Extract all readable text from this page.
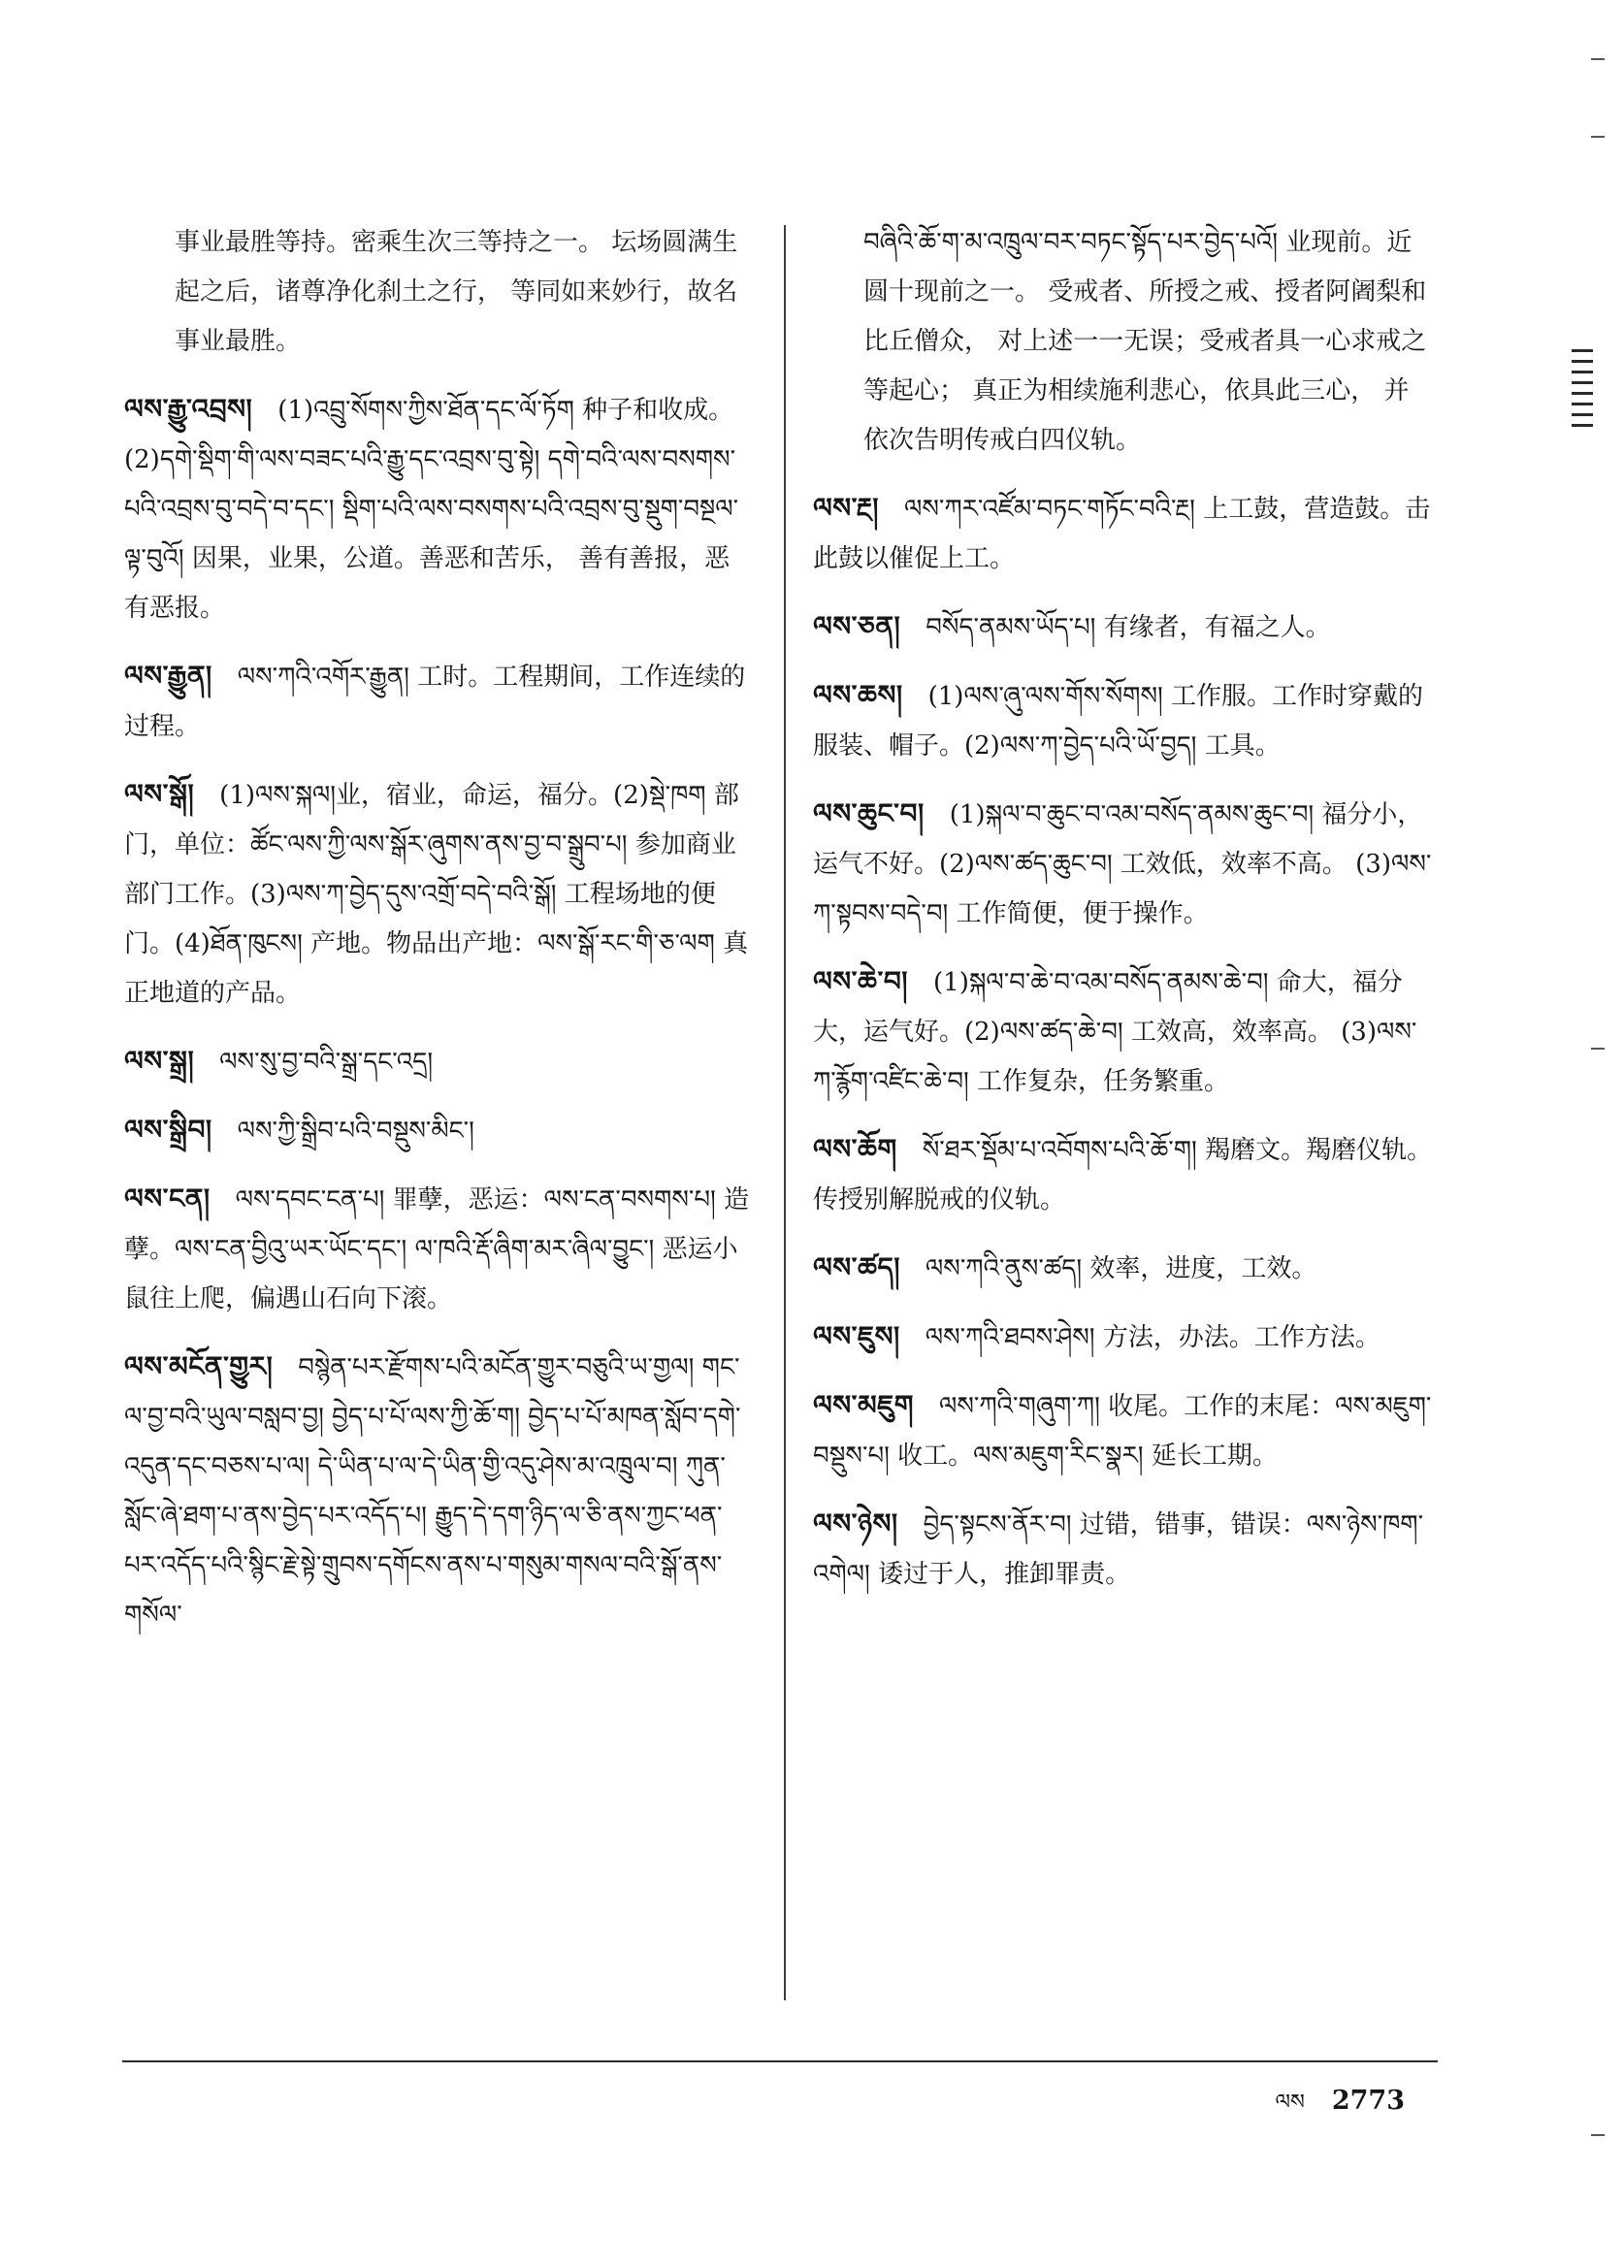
事业最胜等持。密乘生次三等持之一。 坛场圆满生起之后，诸尊净化刹土之行， 等同如来妙行，故名事业最胜。
ལས་རྒྱུ་འབྲས། (1)འབྲུ་སོགས་ཀྱིས་ཐོན་དང་ལོ་ཏོག 种子和收成。(2)དགེ་སྡིག་གི་ལས་བཟང་པའི་རྒྱུ་དང་འབྲས་བུ་སྟེ། དགེ་བའི་ལས་བསགས་པའི་འབྲས་བུ་བདེ་བ་དང་། སྡིག་པའི་ལས་བསགས་པའི་འབྲས་བུ་སྡུག་བསྔལ་ལྟ་བུའོ། 因果，业果，公道。善恶和苦乐， 善有善报，恶有恶报。
ལས་རྒྱུན། ལས་ཀའི་འགོར་རྒྱུན། 工时。工程期间，工作连续的过程。
ལས་སྒོ། (1)ལས་སྐལ།业，宿业，命运，福分。(2)སྡེ་ཁག 部门，单位：ཚོང་ལས་ཀྱི་ལས་སྒོར་ཞུགས་ནས་བྱ་བ་སྒྲུབ་པ། 参加商业部门工作。(3)ལས་ཀ་བྱེད་དུས་འགྲོ་བདེ་བའི་སྒོ། 工程场地的便门。(4)ཐོན་ཁུངས། 产地。物品出产地：ལས་སྒོ་རང་གི་ཅ་ལག 真正地道的产品。
ལས་སྒྲ། ལས་སུ་བྱ་བའི་སྒྲ་དང་འདྲ།
ལས་སྒྲིབ། ལས་ཀྱི་སྒྲིབ་པའི་བསྡུས་མིང་།
ལས་ངན། ལས་དབང་ངན་པ། 罪孽，恶运：ལས་ངན་བསགས་པ། 造孽。ལས་ངན་བྱིའུ་ཡར་ཡོང་དང་། ལ་ཁའི་རྡོ་ཞིག་མར་ཞིལ་བྱུང་། 恶运小鼠往上爬，偏遇山石向下滚。
ལས་མངོན་གྱུར། བསྙེན་པར་རྫོགས་པའི་མངོན་གྱུར་བཅུའི་ཡ་གྱལ། གང་ལ་བྱ་བའི་ཡུལ་བསླབ་བྱ། བྱེད་པ་པོ་ལས་ཀྱི་ཆོ་ག། བྱེད་པ་པོ་མཁན་སློབ་དགེ་འདུན་དང་བཅས་པ་ལ། དེ་ཡིན་པ་ལ་དེ་ཡིན་གྱི་འདུ་ཤེས་མ་འཁྲུལ་བ། ཀུན་སློང་ཞེ་ཐག་པ་ནས་བྱེད་པར་འདོད་པ། རྒྱུད་དེ་དག་ཉིད་ལ་ཅི་ནས་ཀྱང་ཕན་པར་འདོད་པའི་སྙིང་རྗེ་སྟེ་གྲུབས་དགོངས་ནས་པ་གསུམ་གསལ་བའི་སྒོ་ནས་གསོལ་
བཞིའི་ཆོ་ག་མ་འཁྲུལ་བར་བཏང་སྟོད་པར་བྱེད་པའོ། 业现前。近圆十现前之一。 受戒者、所授之戒、授者阿阇梨和比丘僧众， 对上述一一无误；受戒者具一心求戒之等起心； 真正为相续施利悲心，依具此三心， 并依次告明传戒白四仪轨。
ལས་རྔ། ལས་ཀར་འཛོམ་བཏང་གཏོང་བའི་རྔ། 上工鼓，营造鼓。击此鼓以催促上工。
ལས་ཅན། བསོད་ནམས་ཡོད་པ། 有缘者，有福之人。
ལས་ཆས། (1)ལས་ཞུ་ལས་གོས་སོགས། 工作服。工作时穿戴的服装、帽子。(2)ལས་ཀ་བྱེད་པའི་ཡོ་བྱད། 工具。
ལས་ཆུང་བ། (1)སྐལ་བ་ཆུང་བ་འམ་བསོད་ནམས་ཆུང་བ། 福分小，运气不好。(2)ལས་ཚད་ཆུང་བ། 工效低，效率不高。 (3)ལས་ཀ་སྟབས་བདེ་བ། 工作简便，便于操作。
ལས་ཆེ་བ། (1)སྐལ་བ་ཆེ་བ་འམ་བསོད་ནམས་ཆེ་བ། 命大，福分大，运气好。(2)ལས་ཚད་ཆེ་བ། 工效高，效率高。 (3)ལས་ཀ་རྙོག་འཛིང་ཆེ་བ། 工作复杂，任务繁重。
ལས་ཆོག སོ་ཐར་སྡོམ་པ་འབོགས་པའི་ཆོ་ག། 羯磨文。羯磨仪轨。传授别解脱戒的仪轨。
ལས་ཚད། ལས་ཀའི་ནུས་ཚད། 效率，进度，工效。
ལས་ཇུས། ལས་ཀའི་ཐབས་ཤེས། 方法，办法。工作方法。
ལས་མཇུག ལས་ཀའི་གཞུག་ཀ། 收尾。工作的末尾：ལས་མཇུག་བསྡུས་པ། 收工。ལས་མཇུག་རིང་སྣར། 延长工期。
ལས་ཉེས། བྱེད་སྟངས་ནོར་བ། 过错，错事，错误：ལས་ཉེས་ཁག་འགེལ། 诿过于人，推卸罪责。
ལས 2773
